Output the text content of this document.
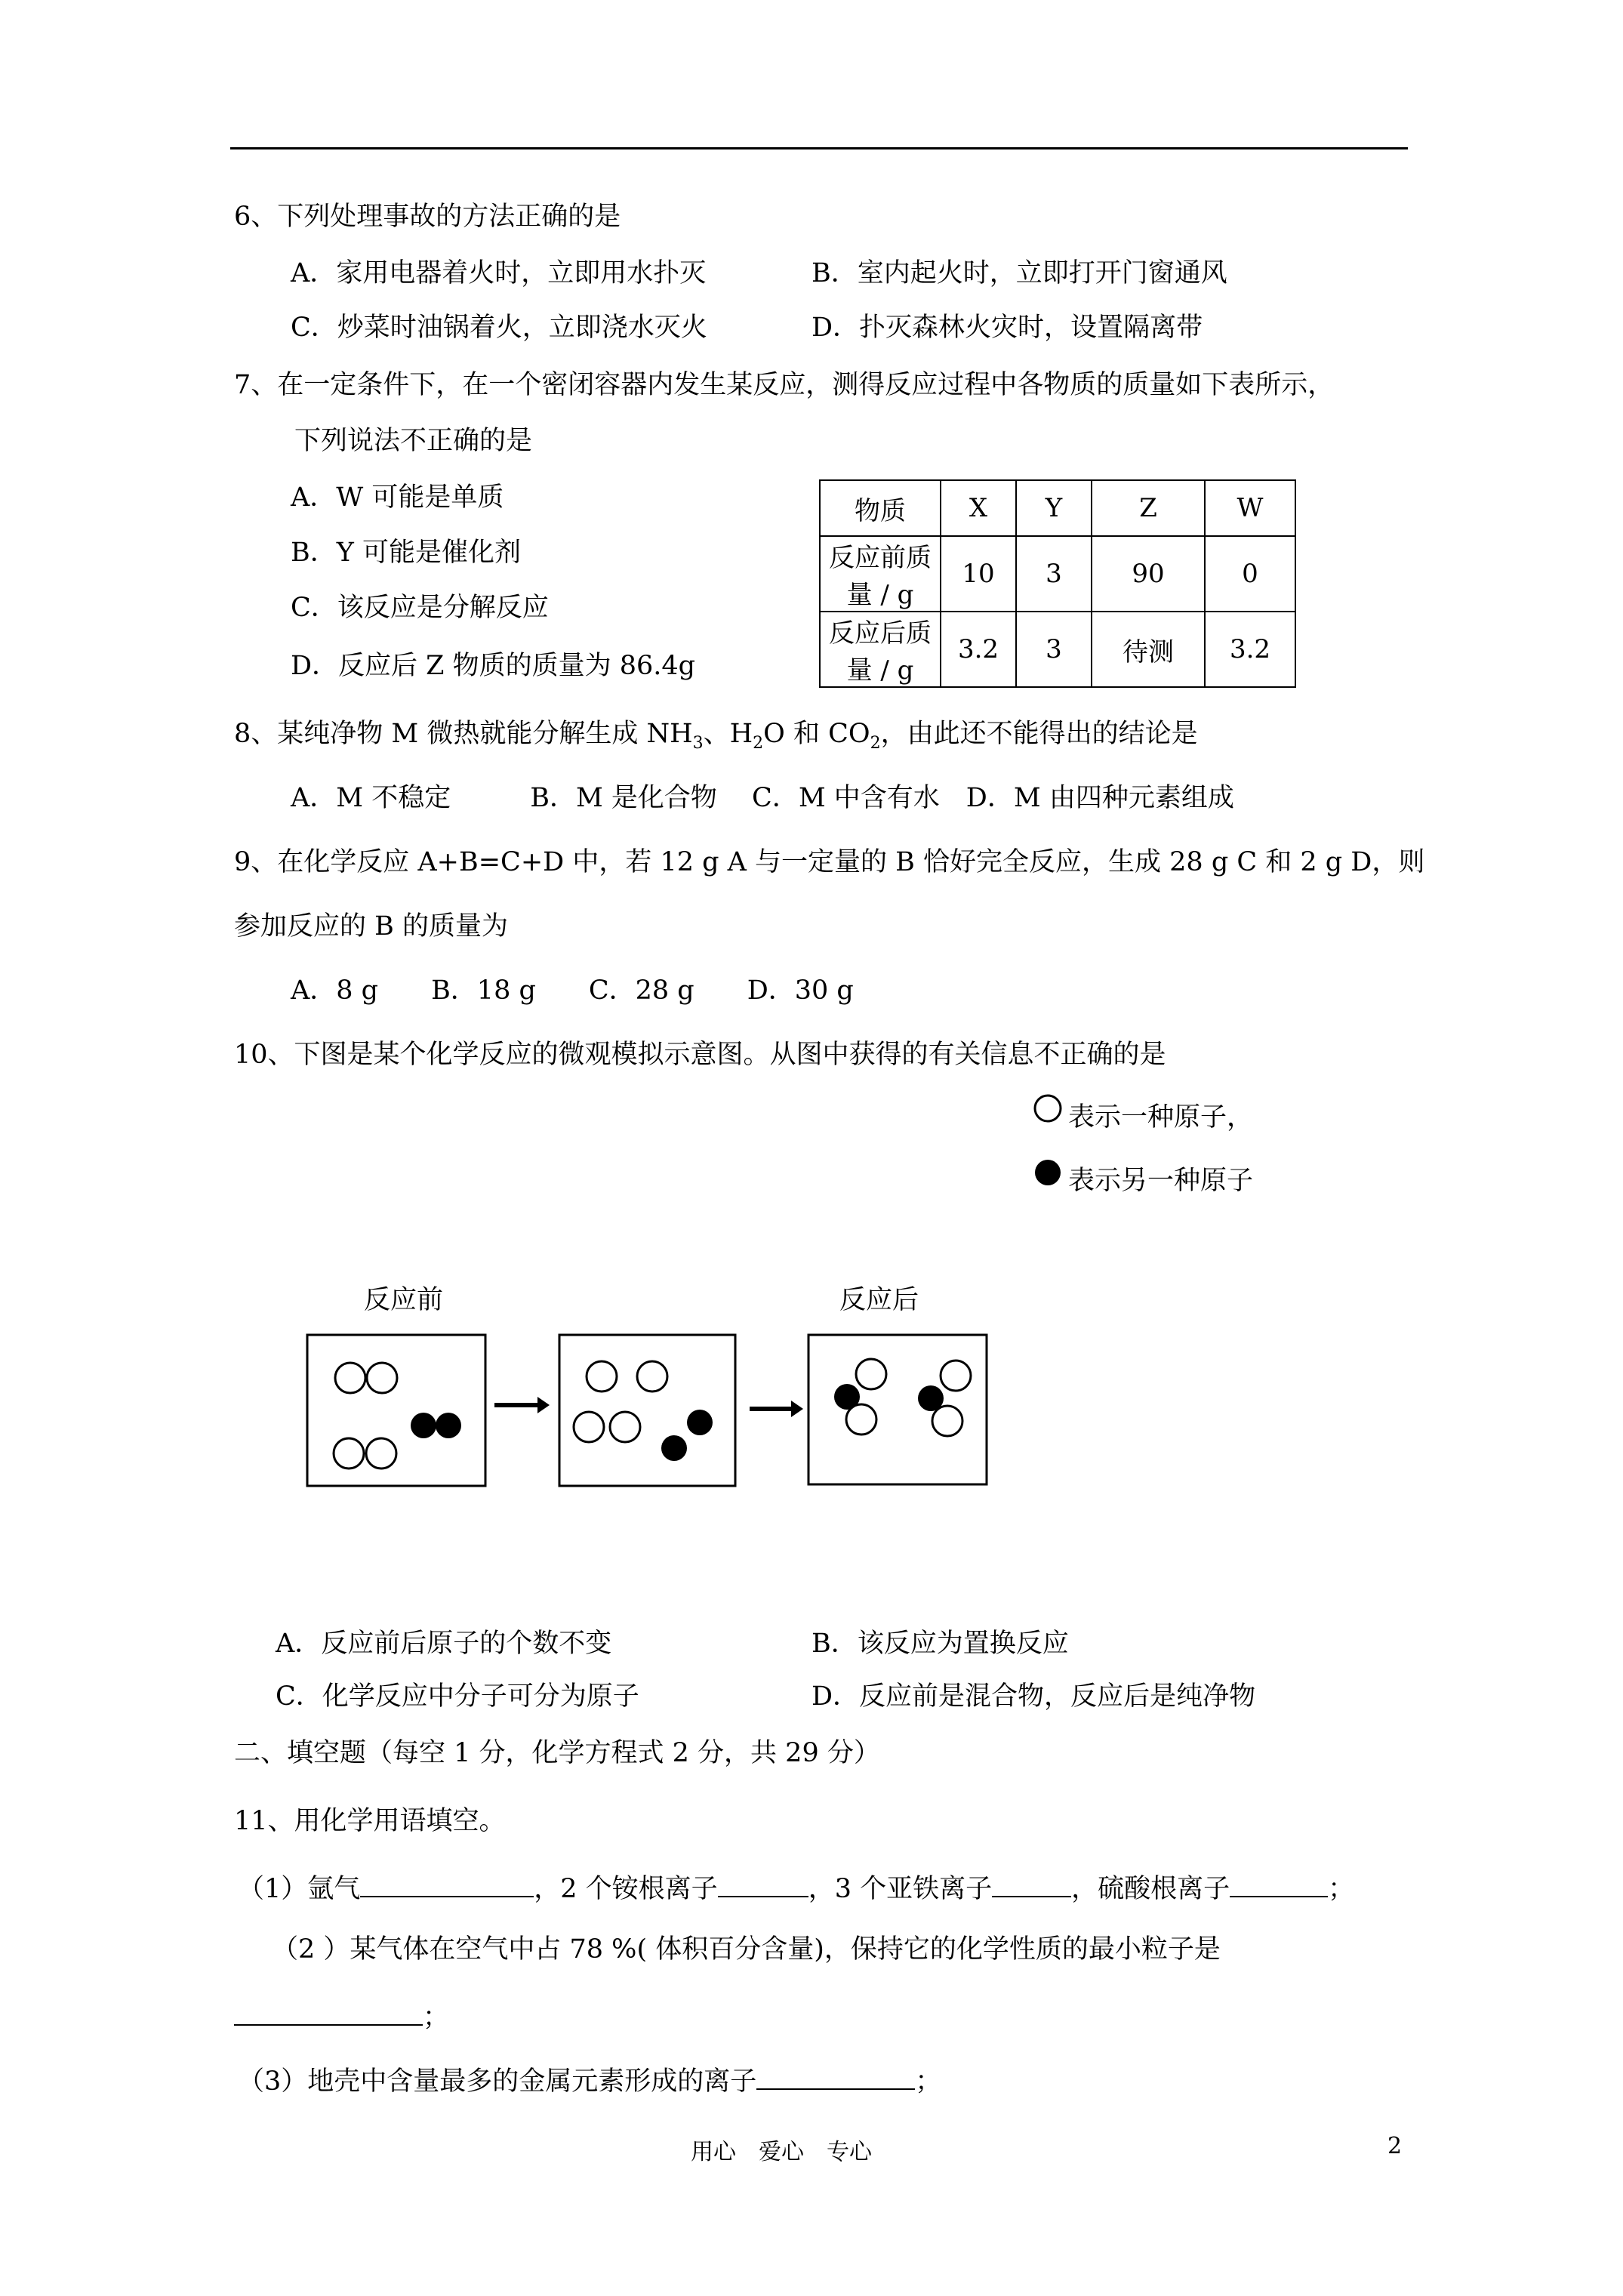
6、下列处理事故的方法正确的是
A．家用电器着火时，立即用水扑灭	B．室内起火时，立即打开门窗通风
C．炒菜时油锅着火，立即浇水灭火	D．扑灭森林火灾时，设置隔离带
7、在一定条件下，在一个密闭容器内发生某反应，测得反应过程中各物质的质量如下表所示，
下列说法不正确的是
A．W 可能是单质
B．Y 可能是催化剂
C．该反应是分解反应
D．反应后 Z 物质的质量为 86.4g
物质	X	Y	Z	W
反应前质量 / g	10	3	90	0
反应后质量 / g	3.2	3	待测	3.2
8、某纯净物 M 微热就能分解生成 $NH_3$、$H_2O$ 和 $CO_2$，由此还不能得出的结论是
A．M 不稳定　　　B．M 是化合物　 C．M 中含有水　D．M 由四种元素组成
9、在化学反应 A+B=C+D 中，若 12 g A 与一定量的 B 恰好完全反应，生成 28 g C 和 2 g D，则
参加反应的 B 的质量为
A．8 g　　B．18 g　　C．28 g　　D．30 g
10、下图是某个化学反应的微观模拟示意图。从图中获得的有关信息不正确的是
表示一种原子，
表示另一种原子
反应前	反应后
A．反应前后原子的个数不变	B．该反应为置换反应
C．化学反应中分子可分为原子	D．反应前是混合物，反应后是纯净物
二、填空题（每空 1 分，化学方程式 2 分，共 29 分）
11、用化学用语填空。
（1）氩气	，2 个铵根离子	，3 个亚铁离子	，硫酸根离子	；
（2 ）某气体在空气中占 78 %( 体积百分含量)，保持它的化学性质的最小粒子是
；
（3）地壳中含量最多的金属元素形成的离子	；
用心　爱心　专心	2
